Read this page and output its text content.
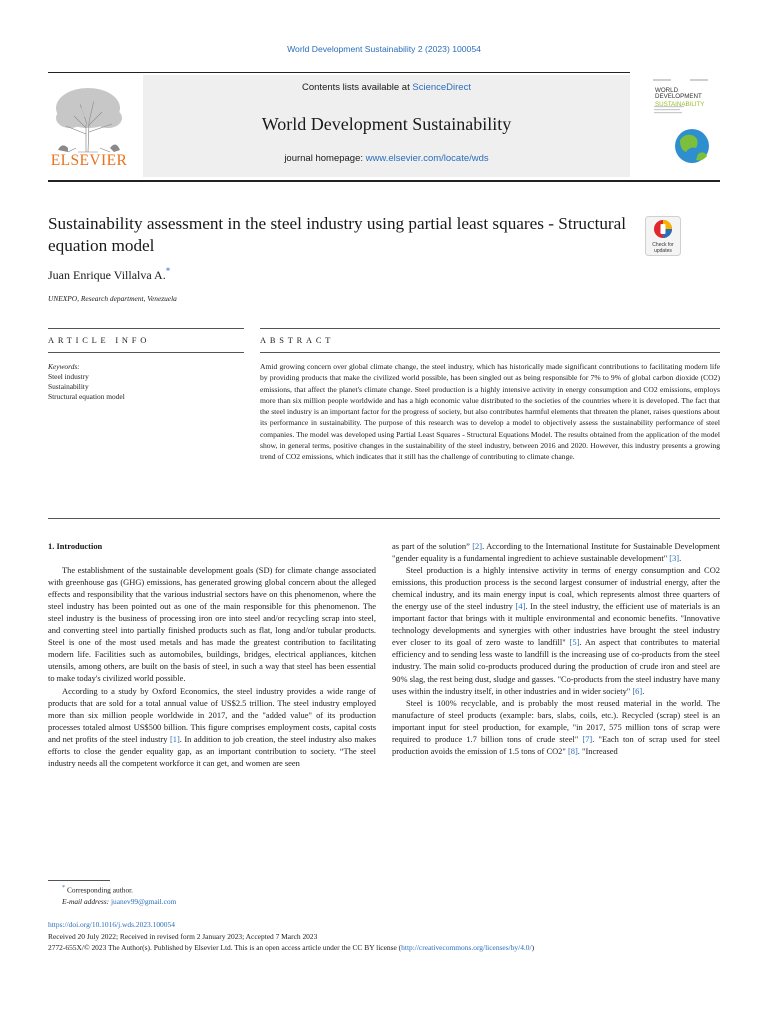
World Development Sustainability 2 (2023) 100054
ELSEVIER
Contents lists available at ScienceDirect
World Development Sustainability
journal homepage: www.elsevier.com/locate/wds
WORLD
DEVELOPMENT
SUSTAINABILITY
Sustainability assessment in the steel industry using partial least squares - Structural equation model	Check for
updates
Juan Enrique Villalva A.*
UNEXPO, Research department, Venezuela
ARTICLE INFO	ABSTRACT
Keywords:
Steel industry
Sustainability
Structural equation model
Amid growing concern over global climate change, the steel industry, which has historically made significant contributions to facilitating modern life by providing products that make the civilized world possible, has been singled out as being responsible for 7% to 9% of global carbon dioxide (CO2) emissions, that affect the planet's climate change. Steel production is a highly intensive activity in energy consumption and CO2 emissions, employs more than six million people worldwide and has a high economic value distributed to the societies of the countries where it is developed. The fact that the steel industry is an important factor for the progress of society, but also contributes harmful elements that threaten the planet, raises questions about its performance in sustainability. The purpose of this research was to develop a model to objectively assess the sustainability performance of steel companies. The model was developed using Partial Least Squares - Structural Equations Model. The results obtained from the application of the model show, in general terms, positive changes in the sustainability of the steel industry, between 2016 and 2020. However, this industry presents a growing trend of CO2 emissions, which indicates that it still has the challenge of contributing to climate change.
1. Introduction

The establishment of the sustainable development goals (SD) for climate change associated with greenhouse gas (GHG) emissions, has generated growing global concern about the alleged effects and responsibility that the various industrial sectors have on this phenomenon, where the steel industry has been pointed out as one of the main responsible for this phenomenon. The steel industry is the business of processing iron ore into steel and/or recycling scrap into steel, and converting steel into partially finished products such as flat, long and/or tubular products. Steel is one of the most used metals and has made the greatest contribution to facilitating modern life. Facilities such as automobiles, buildings, bridges, electrical appliances, kitchen utensils, among others, are built on the basis of steel, in such a way that steel has been essential to make today's civilized world possible.

According to a study by Oxford Economics, the steel industry provides a wide range of products that are sold for a total annual value of US$2.5 trillion. The steel industry employed more than six million people worldwide in 2017, and the "added value" of its production processes totaled almost US$500 billion. This figure comprises employment costs, capital costs and net profits of the steel industry [1]. In addition to job creation, the steel industry also makes efforts to close the gender equality gap, as an important contribution to society. “The steel industry needs all the competent workforce it can get, and women are seen

as part of the solution” [2]. According to the International Institute for Sustainable Development "gender equality is a fundamental ingredient to achieve sustainable development" [3].

Steel production is a highly intensive activity in terms of energy consumption and CO2 emissions, this production process is the second largest consumer of industrial energy, after the chemical industry, and its main energy input is coal, which represents almost three quarters of the energy use of the steel industry [4]. In the steel industry, the efficient use of materials is an important factor that brings with it multiple environmental and economic benefits. "Innovative technology developments and synergies with other industries have brought the steel industry ever closer to its goal of zero waste to landfill" [5]. An aspect that contributes to material efficiency and to sending less waste to landfill is the increasing use of co-products from the steel industry. The main solid co-products produced during the production of crude iron and steel are 90% slag, the rest being dust, sludge and gasses. "Co-products from the steel industry have many uses within the industry itself, in other industries and in wider society" [6].

Steel is 100% recyclable, and is probably the most reused material in the world. The manufacture of steel products (example: bars, slabs, coils, etc.). Recycled (scrap) steel is an important input for steel production, for example, "in 2017, 575 million tons of scrap were required to produce 1.7 billion tons of crude steel" [7]. "Each ton of scrap used for steel production avoids the emission of 1.5 tons of CO2" [8]. "Increased

* Corresponding author.
E-mail address: juanev99@gmail.com
https://doi.org/10.1016/j.wds.2023.100054
Received 20 July 2022; Received in revised form 2 January 2023; Accepted 7 March 2023
2772-655X/© 2023 The Author(s). Published by Elsevier Ltd. This is an open access article under the CC BY license (http://creativecommons.org/licenses/by/4.0/)
